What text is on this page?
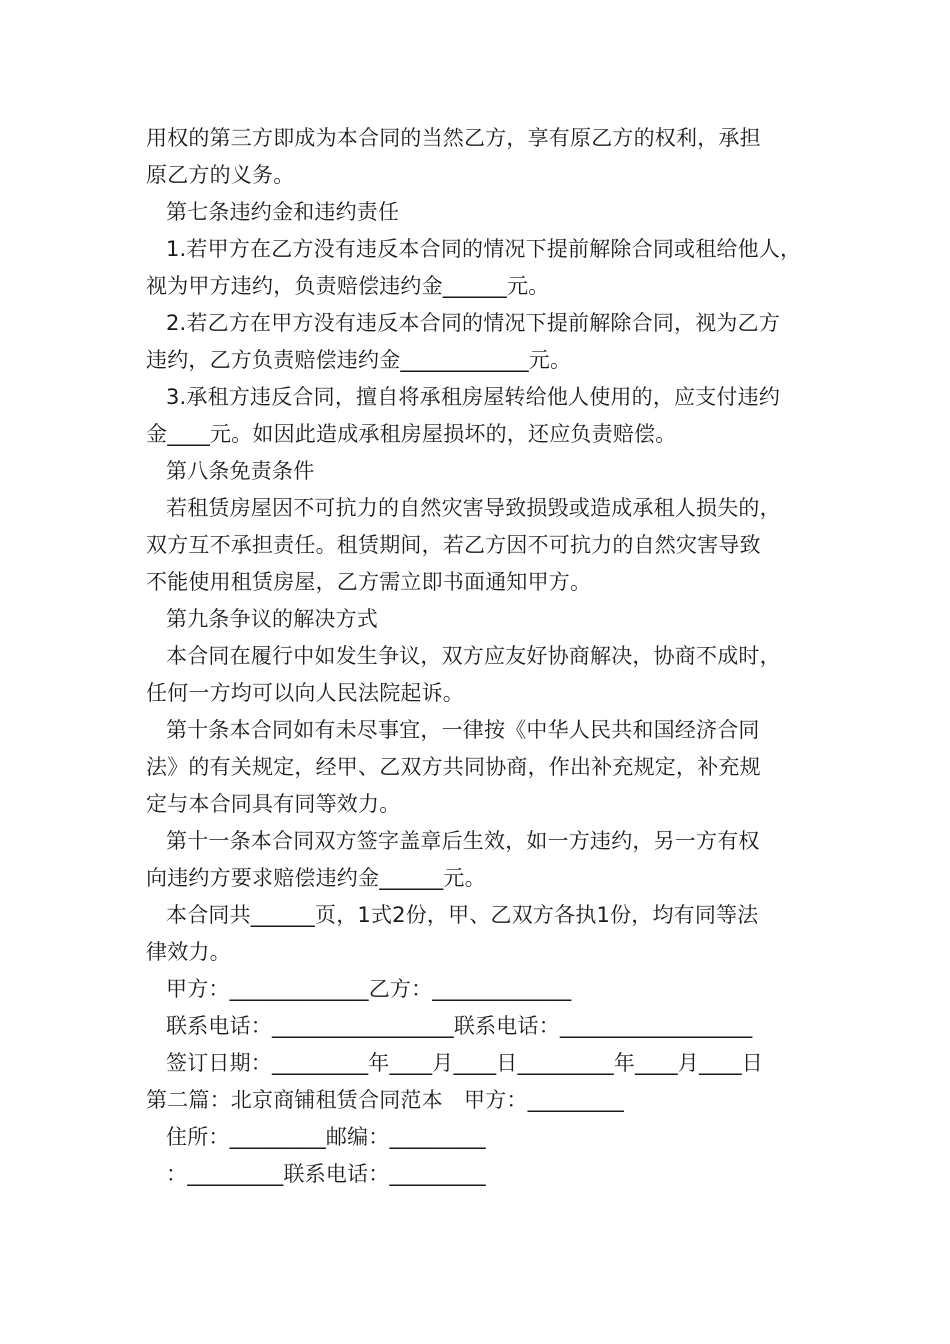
用权的第三方即成为本合同的当然乙方，享有原乙方的权利，承担
原乙方的义务。
第七条违约金和违约责任
1.若甲方在乙方没有违反本合同的情况下提前解除合同或租给他人，
视为甲方违约，负责赔偿违约金______元。
2.若乙方在甲方没有违反本合同的情况下提前解除合同，视为乙方
违约，乙方负责赔偿违约金____________元。
3.承租方违反合同，擅自将承租房屋转给他人使用的，应支付违约
金____元。如因此造成承租房屋损坏的，还应负责赔偿。
第八条免责条件
若租赁房屋因不可抗力的自然灾害导致损毁或造成承租人损失的，
双方互不承担责任。租赁期间，若乙方因不可抗力的自然灾害导致
不能使用租赁房屋，乙方需立即书面通知甲方。
第九条争议的解决方式
本合同在履行中如发生争议，双方应友好协商解决，协商不成时，
任何一方均可以向人民法院起诉。
第十条本合同如有未尽事宜，一律按《中华人民共和国经济合同
法》的有关规定，经甲、乙双方共同协商，作出补充规定，补充规
定与本合同具有同等效力。
第十一条本合同双方签字盖章后生效，如一方违约，另一方有权
向违约方要求赔偿违约金______元。
本合同共______页，1式2份，甲、乙双方各执1份，均有同等法
律效力。
甲方：_____________乙方：_____________
联系电话：_________________联系电话：__________________
签订日期：_________年____月____日_________年____月____日
第二篇：北京商铺租赁合同范本　甲方：_________
住所：_________邮编：_________
：_________联系电话：_________
